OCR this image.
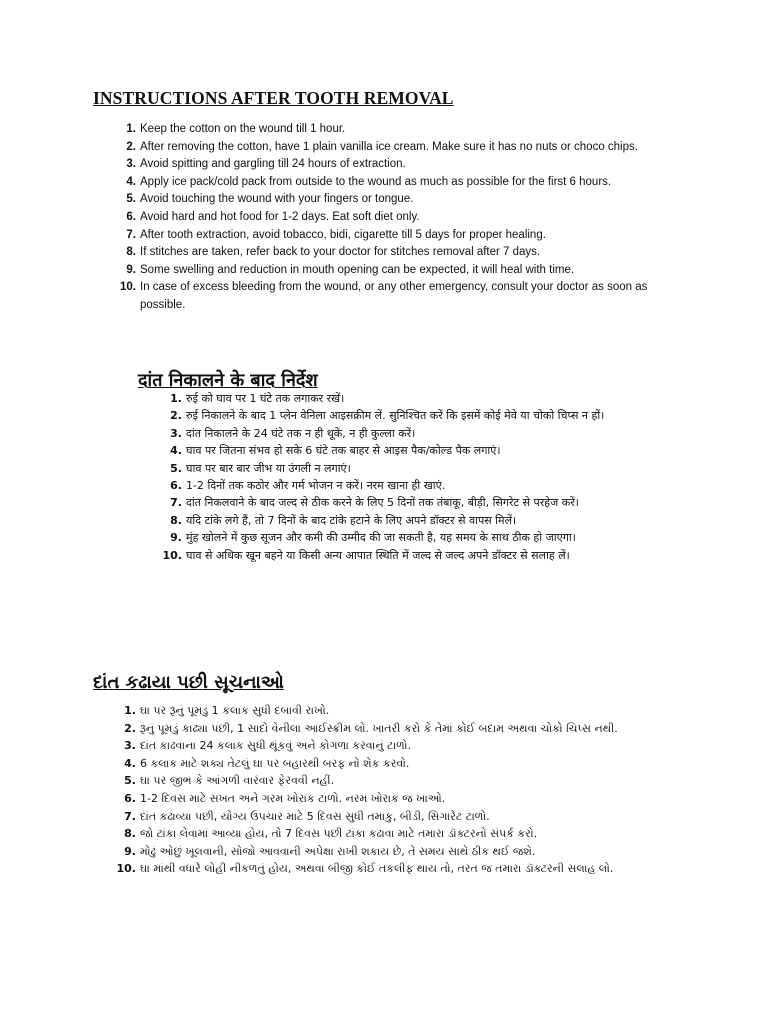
INSTRUCTIONS AFTER TOOTH REMOVAL
1. Keep the cotton on the wound till 1 hour.
2. After removing the cotton, have 1 plain vanilla ice cream. Make sure it has no nuts or choco chips.
3. Avoid spitting and gargling till 24 hours of extraction.
4. Apply ice pack/cold pack from outside to the wound as much as possible for the first 6 hours.
5. Avoid touching the wound with your fingers or tongue.
6. Avoid hard and hot food for 1-2 days. Eat soft diet only.
7. After tooth extraction, avoid tobacco, bidi, cigarette till 5 days for proper healing.
8. If stitches are taken, refer back to your doctor for stitches removal after 7 days.
9. Some swelling and reduction in mouth opening can be expected, it will heal with time.
10. In case of excess bleeding from the wound, or any other emergency, consult your doctor as soon as possible.
दांत निकालने के बाद निर्देश
1. रुई को घाव पर 1 घंटे तक लगाकर रखें।
2. रुई निकालने के बाद 1 प्लेन वेनिला आइसक्रीम लें. सुनिश्चित करें कि इसमें कोई मेवे या चोको चिप्स न हों।
3. दांत निकालने के 24 घंटे तक न ही थूकें, न ही कुल्ला करें।
4. घाव पर जितना संभव हो सके 6 घंटे तक बाहर से आइस पैक/कोल्ड पैक लगाएं।
5. घाव पर बार बार जीभ या उंगली न लगाएं।
6. 1-2 दिनों तक कठोर और गर्म भोजन न करें। नरम खाना ही खाएं.
7. दांत निकलवाने के बाद जल्द से ठीक करने के लिए 5 दिनों तक तंबाकू, बीड़ी, सिगरेट से परहेज करें।
8. यदि टांके लगे हैं, तो 7 दिनों के बाद टांके हटाने के लिए अपने डॉक्टर से वापस मिलें।
9. मुंह खोलने में कुछ सूजन और कमी की उम्मीद की जा सकती है, यह समय के साथ ठीक हो जाएगा।
10. घाव से अधिक खून बहने या किसी अन्य आपात स्थिति में जल्द से जल्द अपने डॉक्टर से सलाह लें।
દાંત કઢાયા પછી સૂચનાઓ
1. ઘા પર રૂનું પૂમડું 1 કલાક સુધી દબાવી રાખો.
2. રૂનું પૂમડું કાઢ્યા પછી, 1 સાદો વેનીલા આઈસ્ક્રીમ લો. ખાતરી કરો કે તેમાં કોઈ બદામ અથવા ચોકો ચિપ્સ નથી.
3. દાંત કાઢવાના 24 કલાક સુધી થૂંકવું અને કોગળા કરવાનું ટાળો.
4. 6 કલાક માટે શક્ય તેટલું ઘા પર બહારથી બરફ નો શેક કરવો.
5. ઘા પર જીભ કે આંગળી વારંવાર ફેરવવી નહીં.
6. 1-2 દિવસ માટે સખત અને ગરમ ખોરાક ટાળો. નરમ ખોરાક જ ખાઓ.
7. દાંત કઢાવ્યા પછી, યોગ્ય ઉપચાર માટે 5 દિવસ સુધી તમાકુ, બીડી, સિગારેટ ટાળો.
8. જો ટાંકા લેવામાં આવ્યા હોય, તો 7 દિવસ પછી ટાંકા કઢાવા માટે તમારા ડૉક્ટરનો સંપર્ક કરો.
9. મોઢું ઓછું ખૂલવાની, સોજો આવવાની અપેક્ષા રાખી શકાય છે, તે સમય સાથે ઠીક થઈ જશે.
10. ઘા માંથી વધારે લોહી નીકળતું હોય, અથવા બીજી કોઈ તકલીફ થાય તો, તરત જ તમારા ડૉક્ટરની સલાહ લો.
